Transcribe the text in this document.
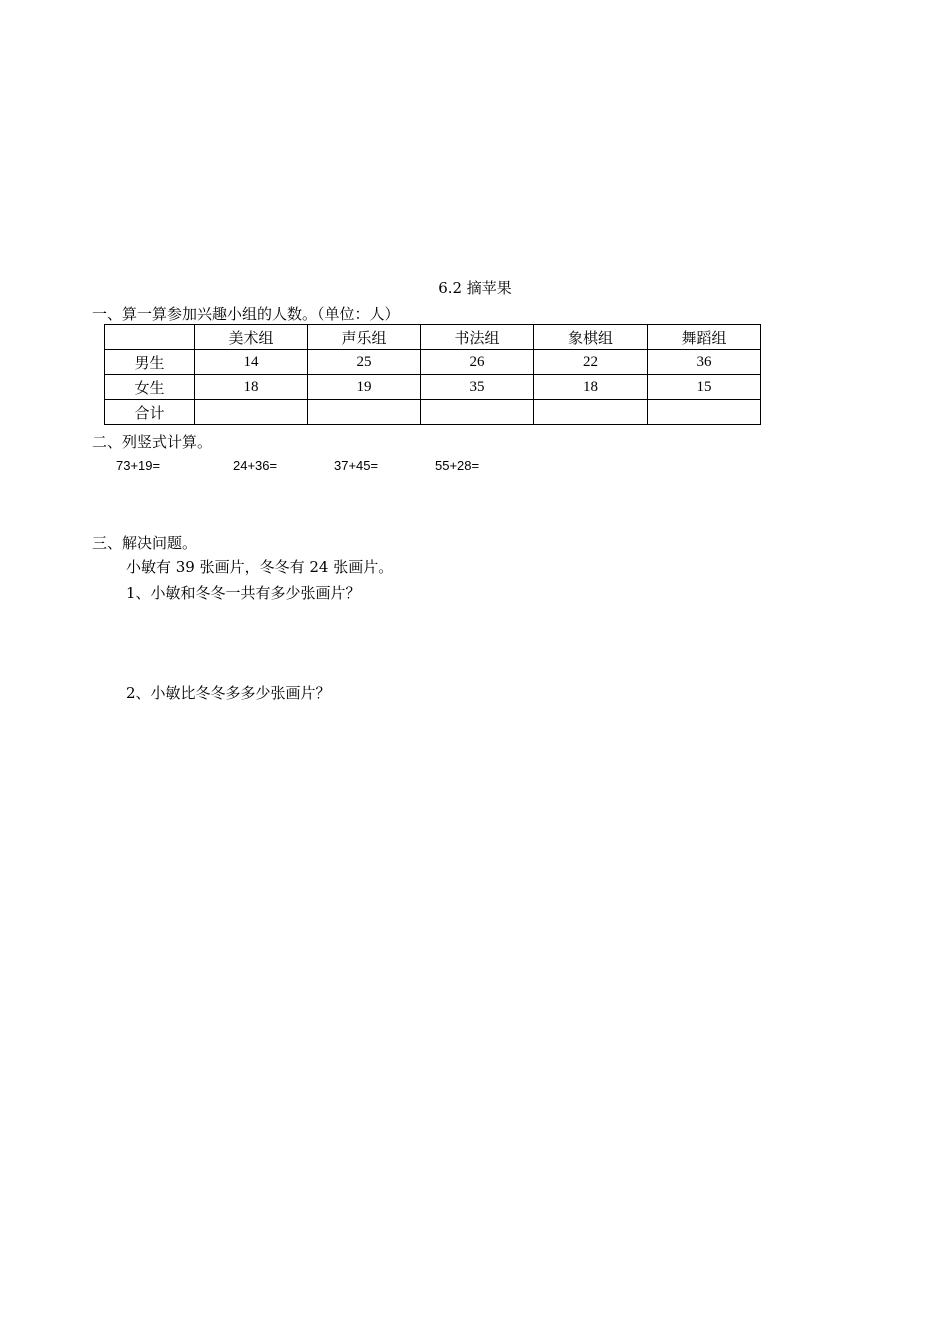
6.2 摘苹果
一、算一算参加兴趣小组的人数。（单位：人）
	美术组	声乐组	书法组	象棋组	舞蹈组
男生	14	25	26	22	36
女生	18	19	35	18	15
合计					
二、列竖式计算。
73+19=	24+36=	37+45=	55+28=
三、解决问题。
小敏有 39 张画片，冬冬有 24 张画片。
1、小敏和冬冬一共有多少张画片？
2、小敏比冬冬多多少张画片？
